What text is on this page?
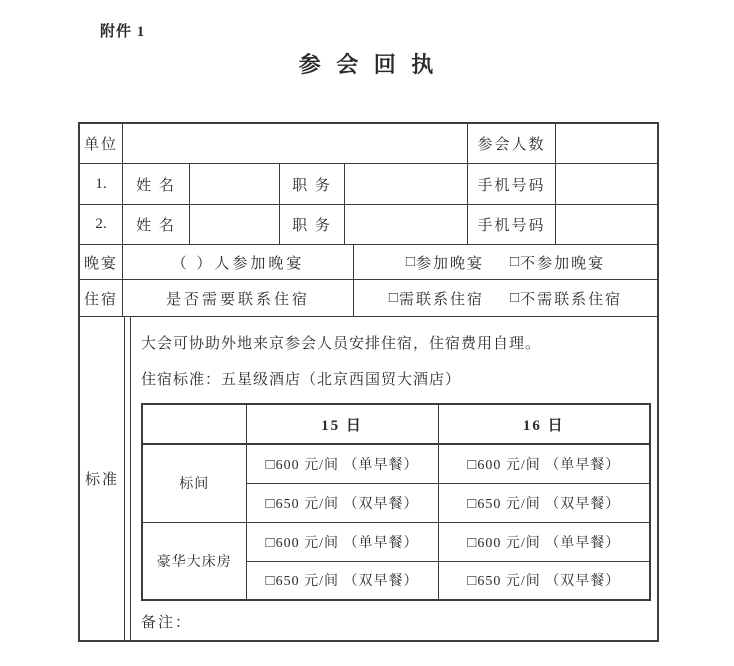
附件 1
参 会 回 执
单位	参会人数
1.	姓 名	职 务	手机号码
2.	姓 名	职 务	手机号码
晚宴	（ ）人参加晚宴	□ 参加晚宴 □ 不参加晚宴
住宿	是否需要联系住宿	□ 需联系住宿 □ 不需联系住宿
标准
大会可协助外地来京参会人员安排住宿，住宿费用自理。
住宿标准：五星级酒店（北京西国贸大酒店）
	15 日	16 日
标间	□600 元/间 （单早餐）	□600 元/间 （单早餐）
	□650 元/间 （双早餐）	□650 元/间 （双早餐）
豪华大床房	□600 元/间 （单早餐）	□600 元/间 （单早餐）
	□650 元/间 （双早餐）	□650 元/间 （双早餐）
备注：
